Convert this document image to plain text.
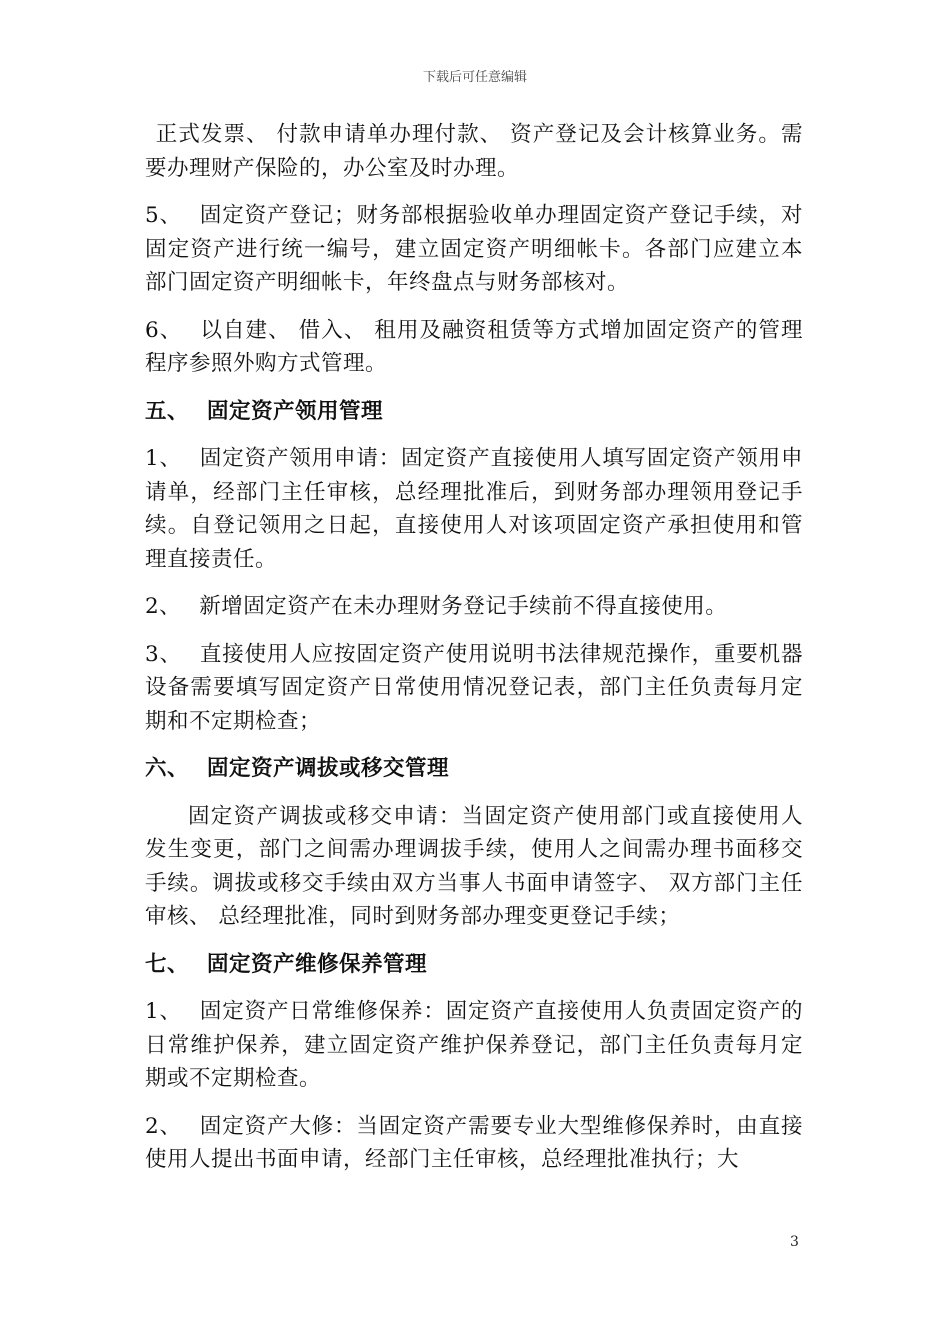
下载后可任意编辑

正式发票、 付款申请单办理付款、 资产登记及会计核算业务。需要办理财产保险的，办公室及时办理。

5、 固定资产登记；财务部根据验收单办理固定资产登记手续，对固定资产进行统一编号，建立固定资产明细帐卡。各部门应建立本部门固定资产明细帐卡，年终盘点与财务部核对。

6、 以自建、 借入、 租用及融资租赁等方式增加固定资产的管理程序参照外购方式管理。

五、 固定资产领用管理

1、 固定资产领用申请：固定资产直接使用人填写固定资产领用申请单，经部门主任审核，总经理批准后，到财务部办理领用登记手续。自登记领用之日起，直接使用人对该项固定资产承担使用和管理直接责任。

2、 新增固定资产在未办理财务登记手续前不得直接使用。

3、 直接使用人应按固定资产使用说明书法律规范操作，重要机器设备需要填写固定资产日常使用情况登记表，部门主任负责每月定期和不定期检查；

六、 固定资产调拔或移交管理

固定资产调拔或移交申请：当固定资产使用部门或直接使用人发生变更，部门之间需办理调拔手续，使用人之间需办理书面移交手续。调拔或移交手续由双方当事人书面申请签字、 双方部门主任审核、 总经理批准，同时到财务部办理变更登记手续；

七、 固定资产维修保养管理

1、 固定资产日常维修保养：固定资产直接使用人负责固定资产的日常维护保养，建立固定资产维护保养登记，部门主任负责每月定期或不定期检查。

2、 固定资产大修：当固定资产需要专业大型维修保养时，由直接使用人提出书面申请，经部门主任审核，总经理批准执行；大

3
